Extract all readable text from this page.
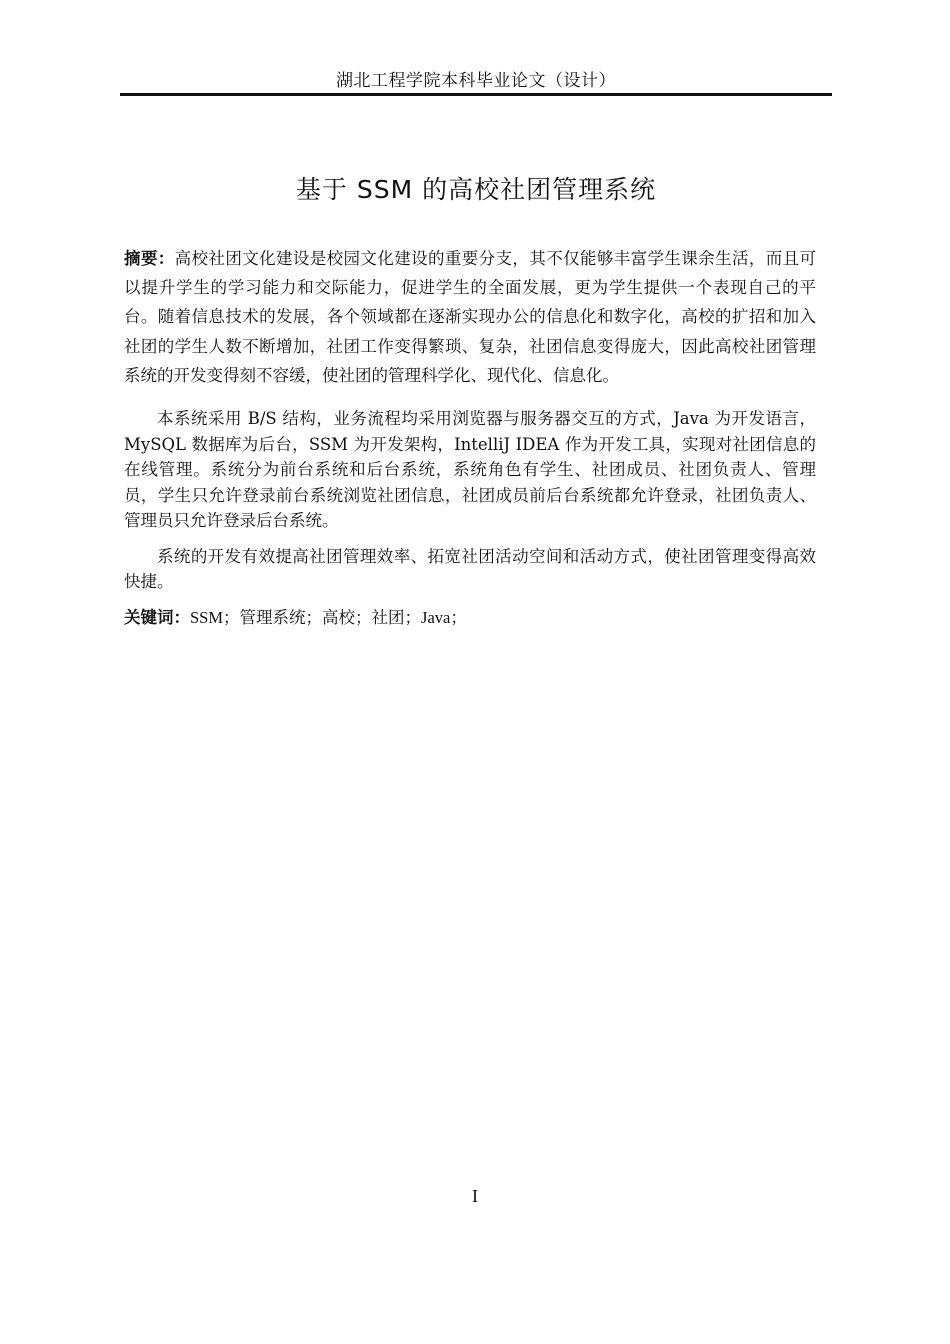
湖北工程学院本科毕业论文（设计）
基于 SSM 的高校社团管理系统

摘要：高校社团文化建设是校园文化建设的重要分支，其不仅能够丰富学生课余生活，而且可以提升学生的学习能力和交际能力，促进学生的全面发展，更为学生提供一个表现自己的平台。随着信息技术的发展，各个领域都在逐渐实现办公的信息化和数字化，高校的扩招和加入社团的学生人数不断增加，社团工作变得繁琐、复杂，社团信息变得庞大，因此高校社团管理系统的开发变得刻不容缓，使社团的管理科学化、现代化、信息化。

本系统采用 B/S 结构，业务流程均采用浏览器与服务器交互的方式，Java 为开发语言，MySQL 数据库为后台，SSM 为开发架构，IntelliJ IDEA 作为开发工具，实现对社团信息的在线管理。系统分为前台系统和后台系统，系统角色有学生、社团成员、社团负责人、管理员，学生只允许登录前台系统浏览社团信息，社团成员前后台系统都允许登录，社团负责人、管理员只允许登录后台系统。

系统的开发有效提高社团管理效率、拓宽社团活动空间和活动方式，使社团管理变得高效快捷。

关键词：SSM；管理系统；高校；社团；Java；
I
